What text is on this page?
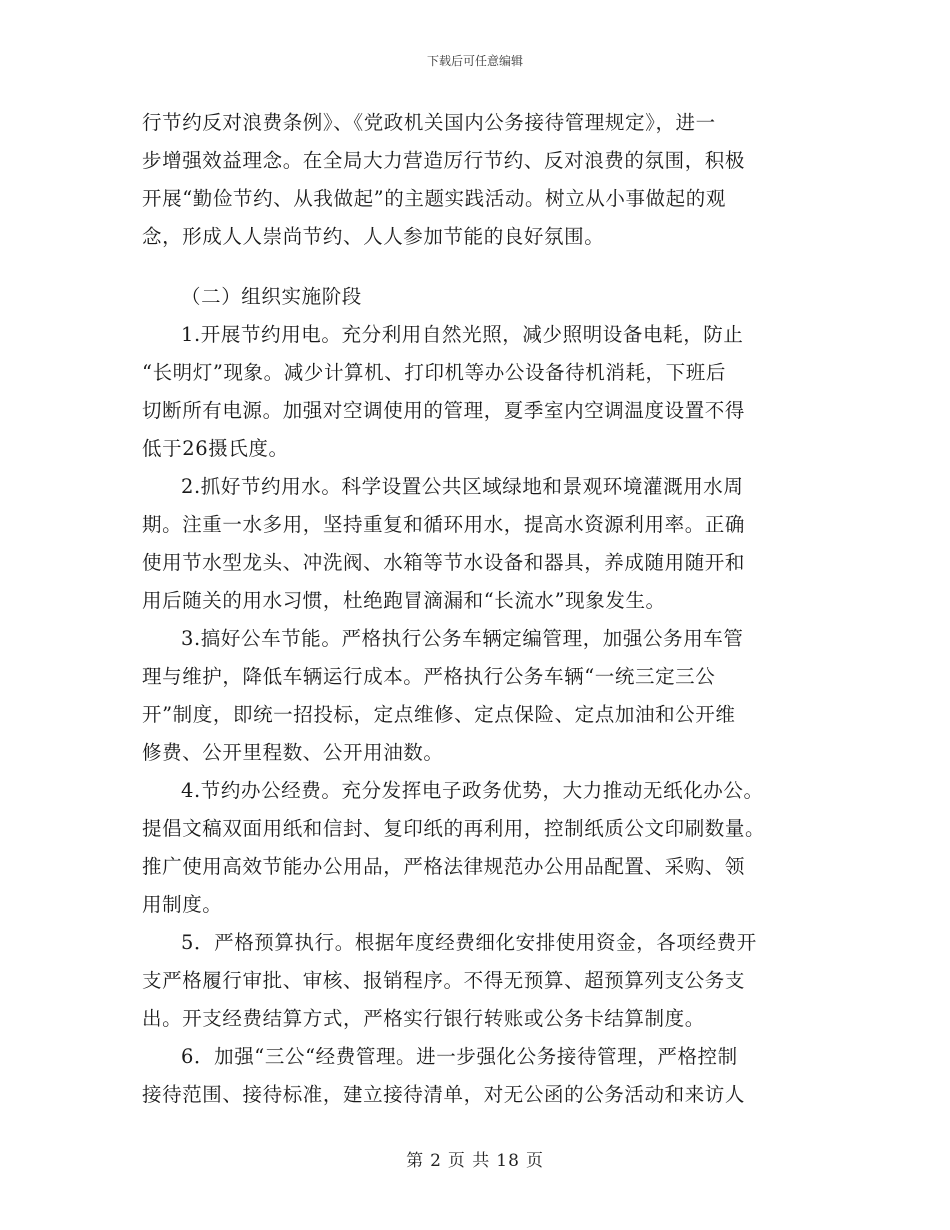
下载后可任意编辑
行节约反对浪费条例》、《党政机关国内公务接待管理规定》，进一
步增强效益理念。在全局大力营造厉行节约、反对浪费的氛围，积极
开展“勤俭节约、从我做起”的主题实践活动。树立从小事做起的观
念，形成人人崇尚节约、人人参加节能的良好氛围。
（二）组织实施阶段
1.开展节约用电。充分利用自然光照，减少照明设备电耗，防止
“长明灯”现象。减少计算机、打印机等办公设备待机消耗，下班后
切断所有电源。加强对空调使用的管理，夏季室内空调温度设置不得
低于26摄氏度。
2.抓好节约用水。科学设置公共区域绿地和景观环境灌溉用水周
期。注重一水多用，坚持重复和循环用水，提高水资源利用率。正确
使用节水型龙头、冲洗阀、水箱等节水设备和器具，养成随用随开和
用后随关的用水习惯，杜绝跑冒滴漏和“长流水”现象发生。
3.搞好公车节能。严格执行公务车辆定编管理，加强公务用车管
理与维护，降低车辆运行成本。严格执行公务车辆“一统三定三公
开”制度，即统一招投标，定点维修、定点保险、定点加油和公开维
修费、公开里程数、公开用油数。
4.节约办公经费。充分发挥电子政务优势，大力推动无纸化办公。
提倡文稿双面用纸和信封、复印纸的再利用，控制纸质公文印刷数量。
推广使用高效节能办公用品，严格法律规范办公用品配置、采购、领
用制度。
5．严格预算执行。根据年度经费细化安排使用资金，各项经费开
支严格履行审批、审核、报销程序。不得无预算、超预算列支公务支
出。开支经费结算方式，严格实行银行转账或公务卡结算制度。
6．加强“三公“经费管理。进一步强化公务接待管理，严格控制
接待范围、接待标准，建立接待清单，对无公函的公务活动和来访人
第 2 页 共 18 页
